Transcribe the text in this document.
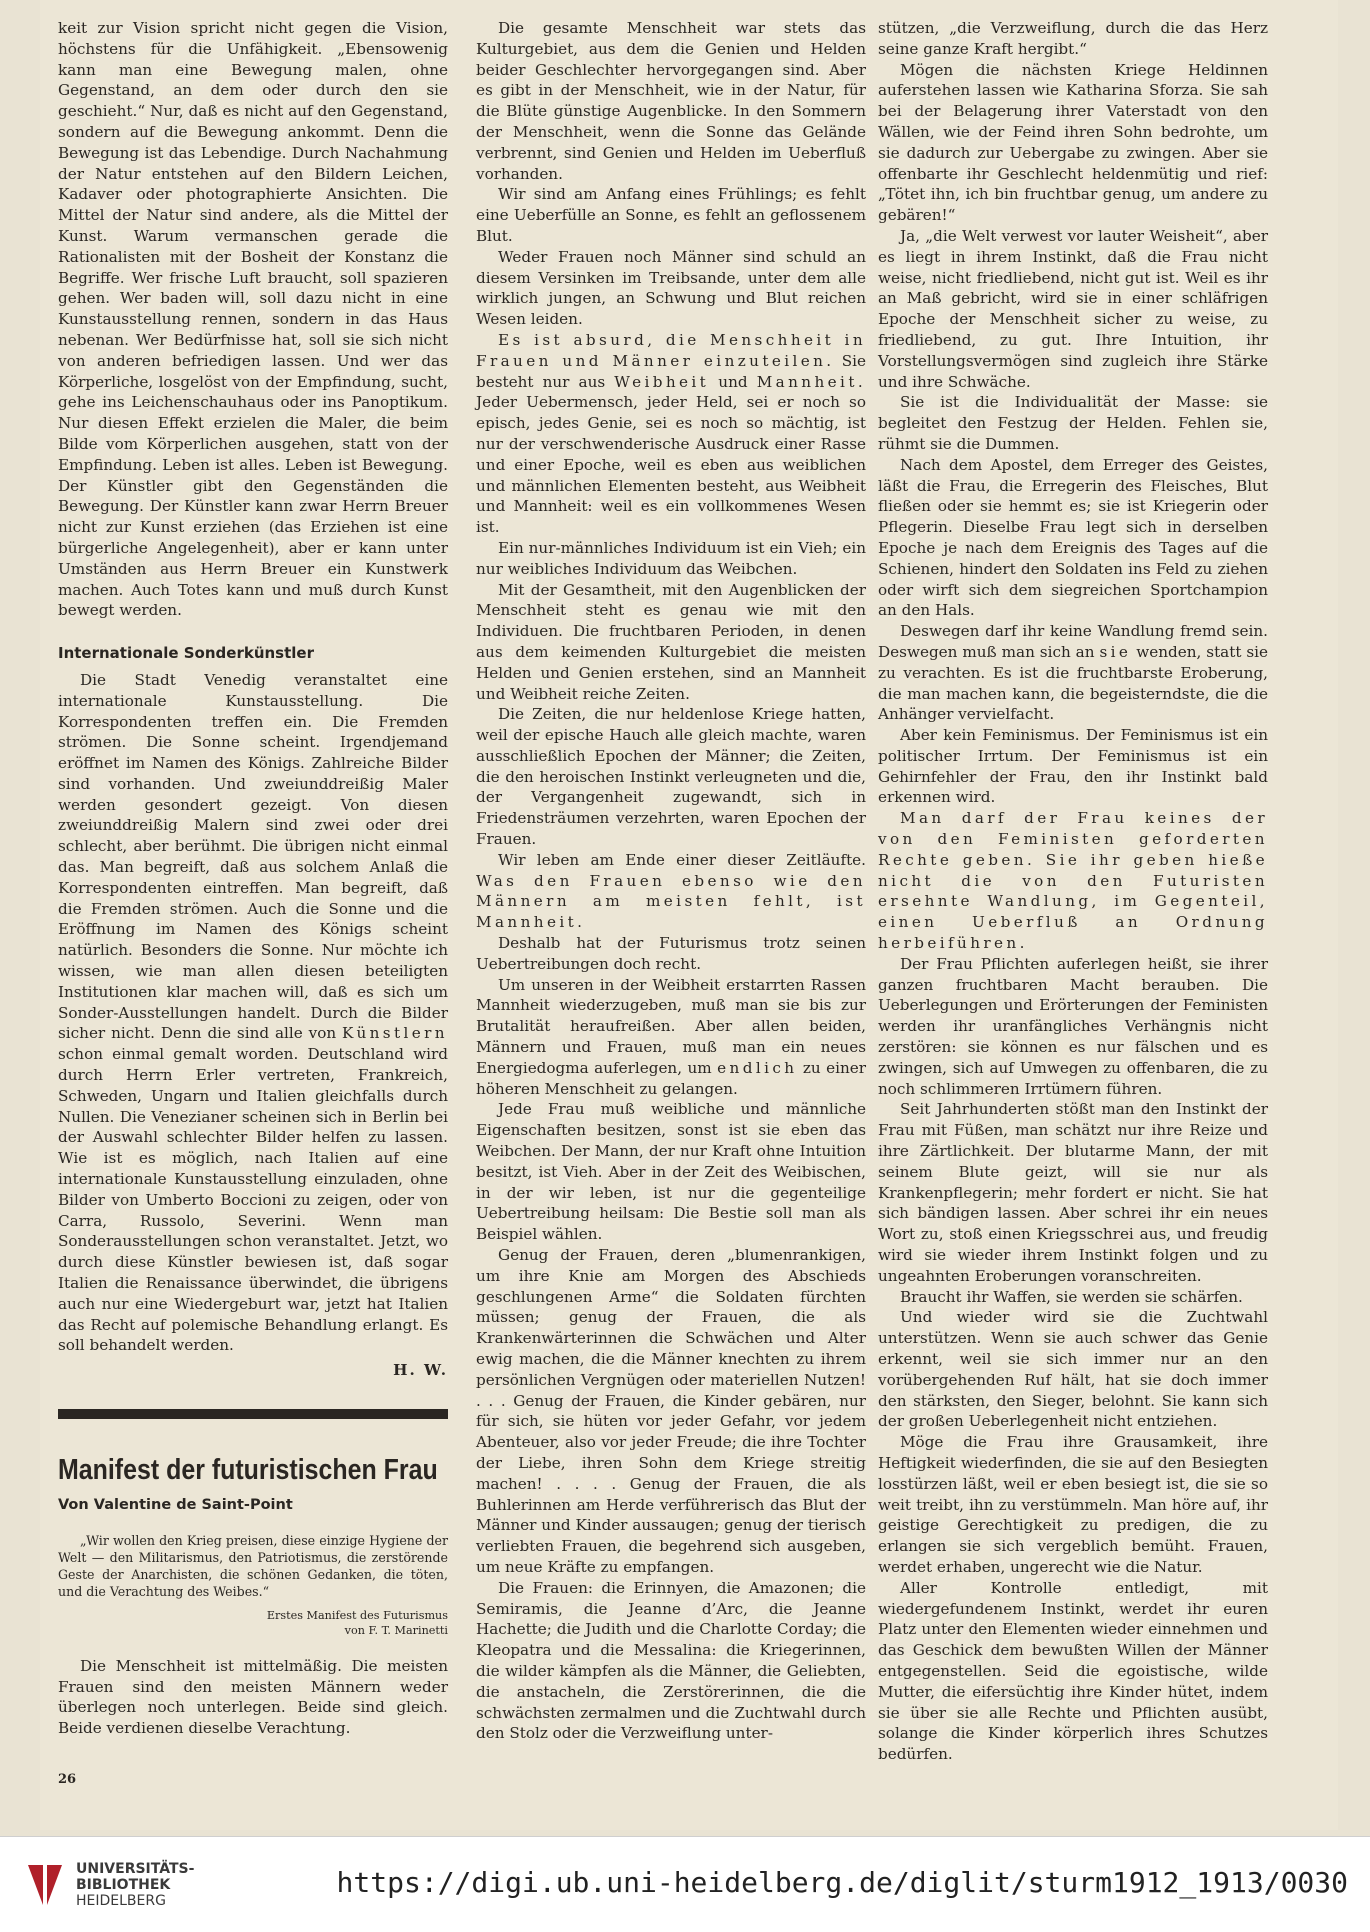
keit zur Vision spricht nicht gegen die Vision, höchstens für die Unfähigkeit. „Ebensowenig kann man eine Bewegung malen, ohne Gegenstand, an dem oder durch den sie geschieht.“ Nur, daß es nicht auf den Gegenstand, sondern auf die Bewegung ankommt. Denn die Bewegung ist das Lebendige. Durch Nachahmung der Natur entstehen auf den Bildern Leichen, Kadaver oder photographierte Ansichten. Die Mittel der Natur sind andere, als die Mittel der Kunst. Warum vermanschen gerade die Rationalisten mit der Bosheit der Konstanz die Begriffe. Wer frische Luft braucht, soll spazieren gehen. Wer baden will, soll dazu nicht in eine Kunstausstellung rennen, sondern in das Haus nebenan. Wer Bedürfnisse hat, soll sie sich nicht von anderen befriedigen lassen. Und wer das Körperliche, losgelöst von der Empfindung, sucht, gehe ins Leichenschauhaus oder ins Panoptikum. Nur diesen Effekt erzielen die Maler, die beim Bilde vom Körperlichen ausgehen, statt von der Empfindung. Leben ist alles. Leben ist Bewegung. Der Künstler gibt den Gegenständen die Bewegung. Der Künstler kann zwar Herrn Breuer nicht zur Kunst erziehen (das Erziehen ist eine bürgerliche Angelegenheit), aber er kann unter Umständen aus Herrn Breuer ein Kunstwerk machen. Auch Totes kann und muß durch Kunst bewegt werden.

Internationale Sonderkünstler

Die Stadt Venedig veranstaltet eine internationale Kunstausstellung. Die Korrespondenten treffen ein. Die Fremden strömen. Die Sonne scheint. Irgendjemand eröffnet im Namen des Königs. Zahlreiche Bilder sind vorhanden. Und zweiunddreißig Maler werden gesondert gezeigt. Von diesen zweiunddreißig Malern sind zwei oder drei schlecht, aber berühmt. Die übrigen nicht einmal das. Man begreift, daß aus solchem Anlaß die Korrespondenten eintreffen. Man begreift, daß die Fremden strömen. Auch die Sonne und die Eröffnung im Namen des Königs scheint natürlich. Besonders die Sonne. Nur möchte ich wissen, wie man allen diesen beteiligten Institutionen klar machen will, daß es sich um Sonder-Ausstellungen handelt. Durch die Bilder sicher nicht. Denn die sind alle von Künstlern schon einmal gemalt worden. Deutschland wird durch Herrn Erler vertreten, Frankreich, Schweden, Ungarn und Italien gleichfalls durch Nullen. Die Venezianer scheinen sich in Berlin bei der Auswahl schlechter Bilder helfen zu lassen. Wie ist es möglich, nach Italien auf eine internationale Kunstausstellung einzuladen, ohne Bilder von Umberto Boccioni zu zeigen, oder von Carra, Russolo, Severini. Wenn man Sonderausstellungen schon veranstaltet. Jetzt, wo durch diese Künstler bewiesen ist, daß sogar Italien die Renaissance überwindet, die übrigens auch nur eine Wiedergeburt war, jetzt hat Italien das Recht auf polemische Behandlung erlangt. Es soll behandelt werden.

H. W.
Manifest der futuristischen Frau
Von Valentine de Saint-Point

„Wir wollen den Krieg preisen, diese einzige Hygiene der Welt — den Militarismus, den Patriotismus, die zerstörende Geste der Anarchisten, die schönen Gedanken, die töten, und die Verachtung des Weibes.“

Erstes Manifest des Futurismus
von F. T. Marinetti

Die Menschheit ist mittelmäßig. Die meisten Frauen sind den meisten Männern weder überlegen noch unterlegen. Beide sind gleich. Beide verdienen dieselbe Verachtung.

Die gesamte Menschheit war stets das Kulturgebiet, aus dem die Genien und Helden beider Geschlechter hervorgegangen sind. Aber es gibt in der Menschheit, wie in der Natur, für die Blüte günstige Augenblicke. In den Sommern der Menschheit, wenn die Sonne das Gelände verbrennt, sind Genien und Helden im Ueberfluß vorhanden.

Wir sind am Anfang eines Frühlings; es fehlt eine Ueberfülle an Sonne, es fehlt an geflossenem Blut.

Weder Frauen noch Männer sind schuld an diesem Versinken im Treibsande, unter dem alle wirklich jungen, an Schwung und Blut reichen Wesen leiden.

Es ist absurd, die Menschheit in Frauen und Männer einzuteilen. Sie besteht nur aus Weibheit und Mannheit. Jeder Uebermensch, jeder Held, sei er noch so episch, jedes Genie, sei es noch so mächtig, ist nur der verschwenderische Ausdruck einer Rasse und einer Epoche, weil es eben aus weiblichen und männlichen Elementen besteht, aus Weibheit und Mannheit: weil es ein vollkommenes Wesen ist.

Ein nur-männliches Individuum ist ein Vieh; ein nur weibliches Individuum das Weibchen.

Mit der Gesamtheit, mit den Augenblicken der Menschheit steht es genau wie mit den Individuen. Die fruchtbaren Perioden, in denen aus dem keimenden Kulturgebiet die meisten Helden und Genien erstehen, sind an Mannheit und Weibheit reiche Zeiten.

Die Zeiten, die nur heldenlose Kriege hatten, weil der epische Hauch alle gleich machte, waren ausschließlich Epochen der Männer; die Zeiten, die den heroischen Instinkt verleugneten und die, der Vergangenheit zugewandt, sich in Friedensträumen verzehrten, waren Epochen der Frauen.

Wir leben am Ende einer dieser Zeitläufte. Was den Frauen ebenso wie den Männern am meisten fehlt, ist Mannheit.

Deshalb hat der Futurismus trotz seinen Uebertreibungen doch recht.

Um unseren in der Weibheit erstarrten Rassen Mannheit wiederzugeben, muß man sie bis zur Brutalität heraufreißen. Aber allen beiden, Männern und Frauen, muß man ein neues Energiedogma auferlegen, um endlich zu einer höheren Menschheit zu gelangen.

Jede Frau muß weibliche und männliche Eigenschaften besitzen, sonst ist sie eben das Weibchen. Der Mann, der nur Kraft ohne Intuition besitzt, ist Vieh. Aber in der Zeit des Weibischen, in der wir leben, ist nur die gegenteilige Uebertreibung heilsam: Die Bestie soll man als Beispiel wählen.

Genug der Frauen, deren „blumenrankigen, um ihre Knie am Morgen des Abschieds geschlungenen Arme“ die Soldaten fürchten müssen; genug der Frauen, die als Krankenwärterinnen die Schwächen und Alter ewig machen, die die Männer knechten zu ihrem persönlichen Vergnügen oder materiellen Nutzen! . . . Genug der Frauen, die Kinder gebären, nur für sich, sie hüten vor jeder Gefahr, vor jedem Abenteuer, also vor jeder Freude; die ihre Tochter der Liebe, ihren Sohn dem Kriege streitig machen! . . . . Genug der Frauen, die als Buhlerinnen am Herde verführerisch das Blut der Männer und Kinder aussaugen; genug der tierisch verliebten Frauen, die begehrend sich ausgeben, um neue Kräfte zu empfangen.

Die Frauen: die Erinnyen, die Amazonen; die Semiramis, die Jeanne d’Arc, die Jeanne Hachette; die Judith und die Charlotte Corday; die Kleopatra und die Messalina: die Kriegerinnen, die wilder kämpfen als die Männer, die Geliebten, die anstacheln, die Zerstörerinnen, die die schwächsten zermalmen und die Zuchtwahl durch den Stolz oder die Verzweiflung unter-

stützen, „die Verzweiflung, durch die das Herz seine ganze Kraft hergibt.“

Mögen die nächsten Kriege Heldinnen auferstehen lassen wie Katharina Sforza. Sie sah bei der Belagerung ihrer Vaterstadt von den Wällen, wie der Feind ihren Sohn bedrohte, um sie dadurch zur Uebergabe zu zwingen. Aber sie offenbarte ihr Geschlecht heldenmütig und rief: „Tötet ihn, ich bin fruchtbar genug, um andere zu gebären!“

Ja, „die Welt verwest vor lauter Weisheit“, aber es liegt in ihrem Instinkt, daß die Frau nicht weise, nicht friedliebend, nicht gut ist. Weil es ihr an Maß gebricht, wird sie in einer schläfrigen Epoche der Menschheit sicher zu weise, zu friedliebend, zu gut. Ihre Intuition, ihr Vorstellungsvermögen sind zugleich ihre Stärke und ihre Schwäche.

Sie ist die Individualität der Masse: sie begleitet den Festzug der Helden. Fehlen sie, rühmt sie die Dummen.

Nach dem Apostel, dem Erreger des Geistes, läßt die Frau, die Erregerin des Fleisches, Blut fließen oder sie hemmt es; sie ist Kriegerin oder Pflegerin. Dieselbe Frau legt sich in derselben Epoche je nach dem Ereignis des Tages auf die Schienen, hindert den Soldaten ins Feld zu ziehen oder wirft sich dem siegreichen Sportchampion an den Hals.

Deswegen darf ihr keine Wandlung fremd sein. Deswegen muß man sich an sie wenden, statt sie zu verachten. Es ist die fruchtbarste Eroberung, die man machen kann, die begeisterndste, die die Anhänger vervielfacht.

Aber kein Feminismus. Der Feminismus ist ein politischer Irrtum. Der Feminismus ist ein Gehirnfehler der Frau, den ihr Instinkt bald erkennen wird.

Man darf der Frau keines der von den Feministen geforderten Rechte geben. Sie ihr geben hieße nicht die von den Futuristen ersehnte Wandlung, im Gegenteil, einen Ueberfluß an Ordnung herbeiführen.

Der Frau Pflichten auferlegen heißt, sie ihrer ganzen fruchtbaren Macht berauben. Die Ueberlegungen und Erörterungen der Feministen werden ihr uranfängliches Verhängnis nicht zerstören: sie können es nur fälschen und es zwingen, sich auf Umwegen zu offenbaren, die zu noch schlimmeren Irrtümern führen.

Seit Jahrhunderten stößt man den Instinkt der Frau mit Füßen, man schätzt nur ihre Reize und ihre Zärtlichkeit. Der blutarme Mann, der mit seinem Blute geizt, will sie nur als Krankenpflegerin; mehr fordert er nicht. Sie hat sich bändigen lassen. Aber schrei ihr ein neues Wort zu, stoß einen Kriegsschrei aus, und freudig wird sie wieder ihrem Instinkt folgen und zu ungeahnten Eroberungen voranschreiten.

Braucht ihr Waffen, sie werden sie schärfen.

Und wieder wird sie die Zuchtwahl unterstützen. Wenn sie auch schwer das Genie erkennt, weil sie sich immer nur an den vorübergehenden Ruf hält, hat sie doch immer den stärksten, den Sieger, belohnt. Sie kann sich der großen Ueberlegenheit nicht entziehen.

Möge die Frau ihre Grausamkeit, ihre Heftigkeit wiederfinden, die sie auf den Besiegten losstürzen läßt, weil er eben besiegt ist, die sie so weit treibt, ihn zu verstümmeln. Man höre auf, ihr geistige Gerechtigkeit zu predigen, die zu erlangen sie sich vergeblich bemüht. Frauen, werdet erhaben, ungerecht wie die Natur.

Aller Kontrolle entledigt, mit wiedergefundenem Instinkt, werdet ihr euren Platz unter den Elementen wieder einnehmen und das Geschick dem bewußten Willen der Männer entgegenstellen. Seid die egoistische, wilde Mutter, die eifersüchtig ihre Kinder hütet, indem sie über sie alle Rechte und Pflichten ausübt, solange die Kinder körperlich ihres Schutzes bedürfen.

26
UNIVERSITÄTS-
BIBLIOTHEK
HEIDELBERG
https://digi.ub.uni-heidelberg.de/diglit/sturm1912_1913/0030
